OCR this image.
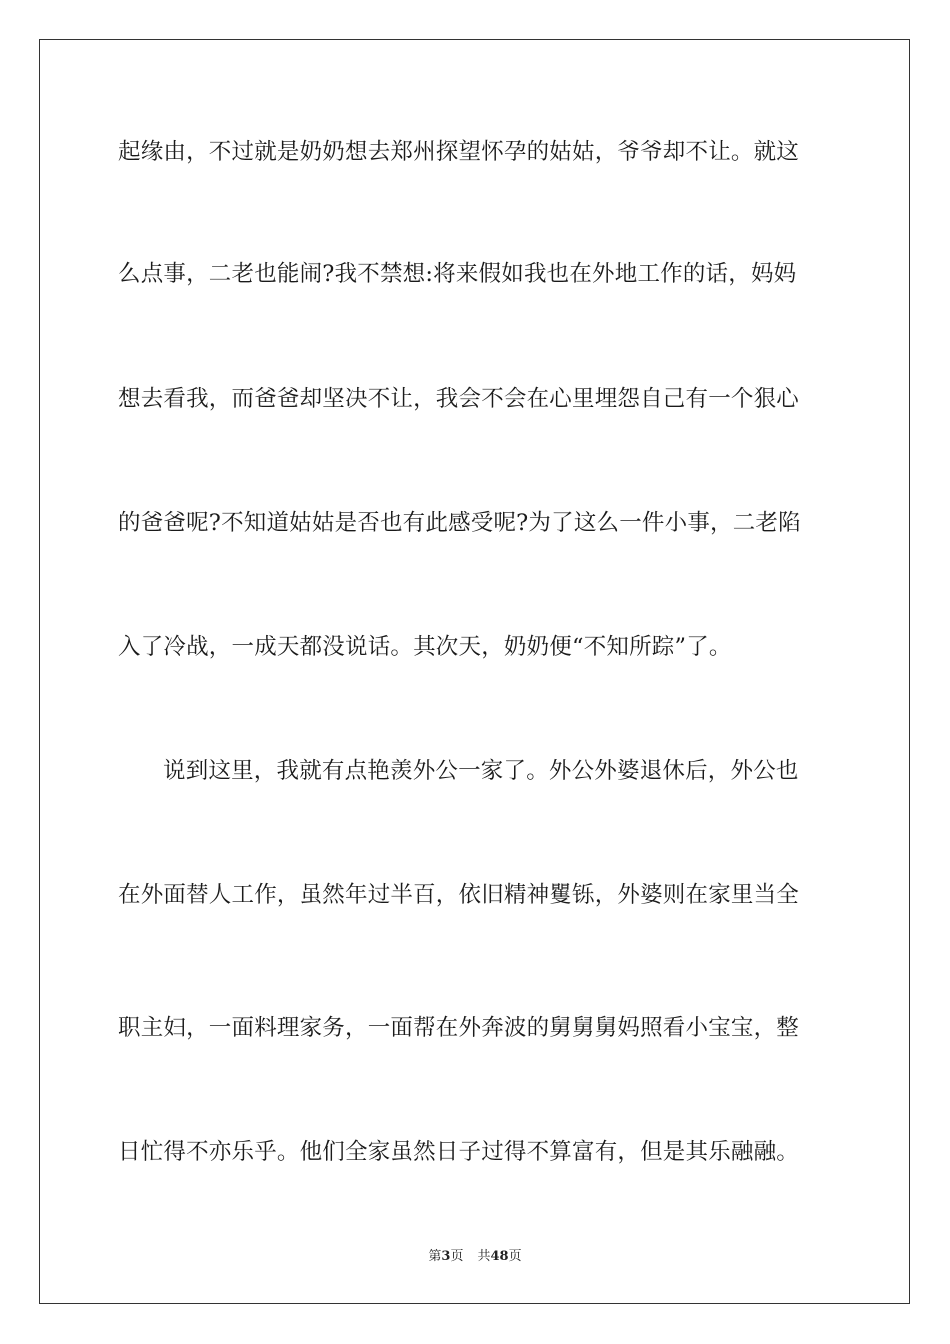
起缘由，不过就是奶奶想去郑州探望怀孕的姑姑，爷爷却不让。就这
么点事，二老也能闹?我不禁想:将来假如我也在外地工作的话，妈妈
想去看我，而爸爸却坚决不让，我会不会在心里埋怨自己有一个狠心
的爸爸呢?不知道姑姑是否也有此感受呢?为了这么一件小事，二老陷
入了冷战，一成天都没说话。其次天，奶奶便“不知所踪”了。
说到这里，我就有点艳羡外公一家了。外公外婆退休后，外公也
在外面替人工作，虽然年过半百，依旧精神矍铄，外婆则在家里当全
职主妇，一面料理家务，一面帮在外奔波的舅舅舅妈照看小宝宝，整
日忙得不亦乐乎。他们全家虽然日子过得不算富有，但是其乐融融。
第3页 共48页
